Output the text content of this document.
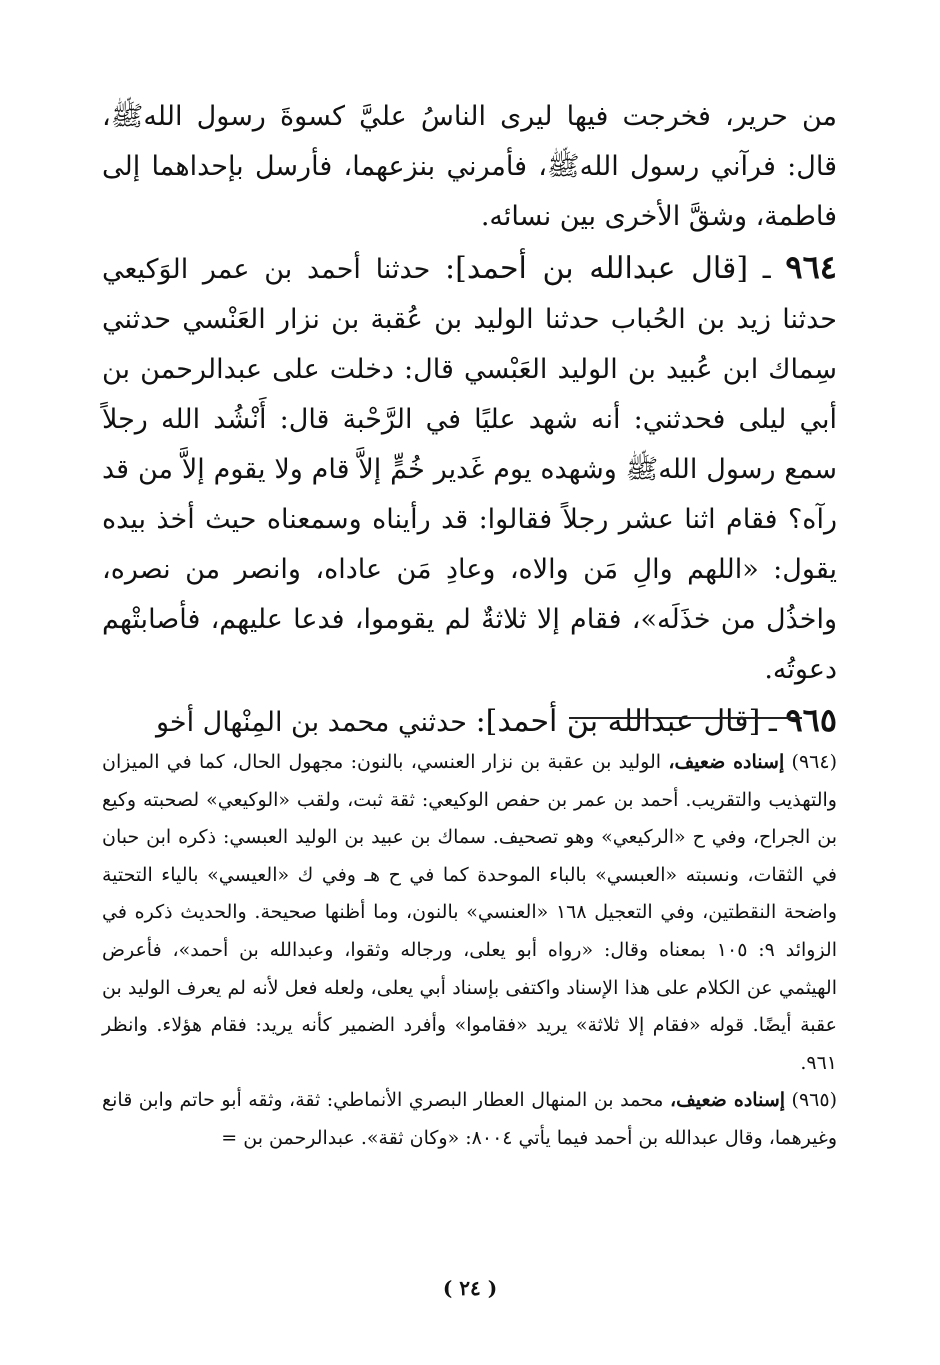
من حرير، فخرجت فيها ليرى الناسُ عليَّ كسوةَ رسول اللهﷺ، قال: فرآني رسول اللهﷺ، فأمرني بنزعهما، فأرسل بإحداهما إلى فاطمة، وشقَّ الأخرى بين نسائه.

٩٦٤ ـ [قال عبدالله بن أحمد]: حدثنا أحمد بن عمر الوَكيعي حدثنا زيد بن الحُباب حدثنا الوليد بن عُقبة بن نزار العَنْسي حدثني سِماك ابن عُبيد بن الوليد العَبْسي قال: دخلت على عبدالرحمن بن أبي ليلى فحدثني: أنه شهد عليًا في الرَّحْبة قال: أَنْشُد الله رجلاً سمع رسول اللهﷺ وشهده يوم غَدير خُمٍّ إلاَّ قام ولا يقوم إلاَّ من قد رآه؟ فقام اثنا عشر رجلاً فقالوا: قد رأيناه وسمعناه حيث أخذ بيده يقول: «اللهم والِ مَن والاه، وعادِ مَن عاداه، وانصر من نصره، واخذُل من خذَلَه»، فقام إلا ثلاثةٌ لم يقوموا، فدعا عليهم، فأصابتْهم دعوتُه.

٩٦٥ ـ [قال عبدالله بن أحمد]: حدثني محمد بن المِنْهال أخو

(٩٦٤) إسناده ضعيف، الوليد بن عقبة بن نزار العنسي، بالنون: مجهول الحال، كما في الميزان والتهذيب والتقريب. أحمد بن عمر بن حفص الوكيعي: ثقة ثبت، ولقب «الوكيعي» لصحبته وكيع بن الجراح، وفي ح «الركيعي» وهو تصحيف. سماك بن عبيد بن الوليد العبسي: ذكره ابن حبان في الثقات، ونسبته «العبسي» بالباء الموحدة كما في ح هـ وفي ك «العيسي» بالياء التحتية واضحة النقطتين، وفي التعجيل ١٦٨ «العنسي» بالنون، وما أظنها صحيحة. والحديث ذكره في الزوائد ٩: ١٠٥ بمعناه وقال: «رواه أبو يعلى، ورجاله وثقوا، وعبدالله بن أحمد»، فأعرض الهيثمي عن الكلام على هذا الإسناد واكتفى بإسناد أبي يعلى، ولعله فعل لأنه لم يعرف الوليد بن عقبة أيضًا. قوله «فقام إلا ثلاثة» يريد «فقاموا» وأفرد الضمير كأنه يريد: فقام هؤلاء. وانظر ٩٦١.

(٩٦٥) إسناده ضعيف، محمد بن المنهال العطار البصري الأنماطي: ثقة، وثقه أبو حاتم وابن قانع وغيرهما، وقال عبدالله بن أحمد فيما يأتي ٨٠٠٤: «وكان ثقة». عبدالرحمن بن =

( ٢٤ )
